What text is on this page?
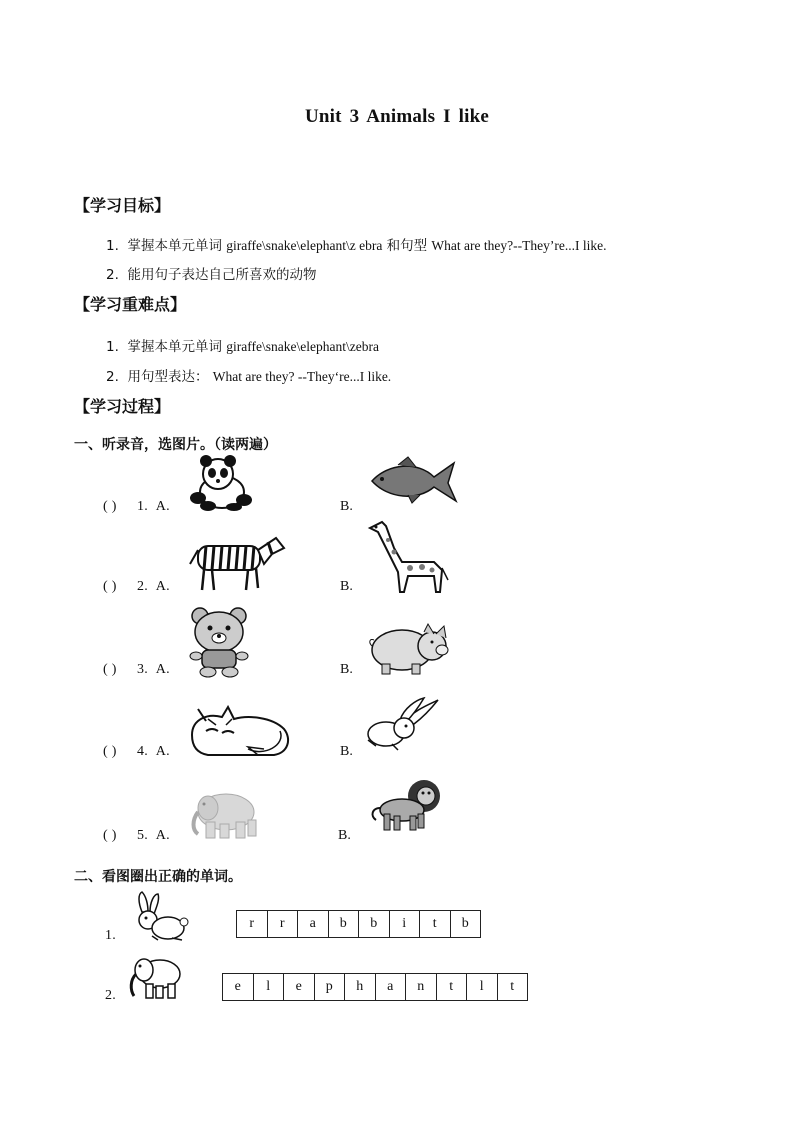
Unit 3 Animals I like
【学习目标】
1. 掌握本单元单词 giraffe\snake\elephant\z ebra 和句型 What are they?--They’re...I like.
2. 能用句子表达自己所喜欢的动物
【学习重难点】
1. 掌握本单元单词 giraffe\snake\elephant\zebra
2. 用句型表达： What are they? --They‘re...I like.
【学习过程】
一、听录音，选图片。（读两遍）
( ) 1. A.	B.
( ) 2. A.	B.
( ) 3. A.	B.
( ) 4. A.	B.
( ) 5. A.	B.
二、看图圈出正确的单词。
1.
r	r	a	b	b	i	t	b
2.
e	l	e	p	h	a	n	t	l	t
